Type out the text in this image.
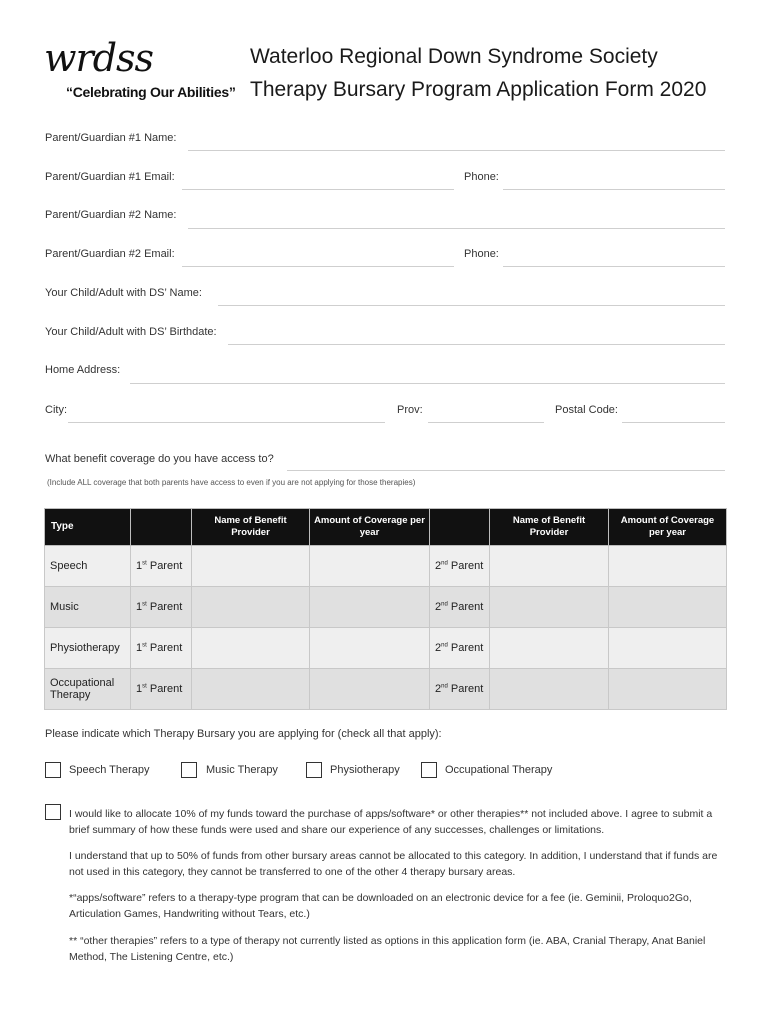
wrdss
“Celebrating Our Abilities”
Waterloo Regional Down Syndrome Society
Therapy Bursary Program Application Form 2020
Parent/Guardian #1 Name:
Parent/Guardian #1 Email:	Phone:
Parent/Guardian #2 Name:
Parent/Guardian #2 Email:	Phone:
Your Child/Adult with DS’ Name:
Your Child/Adult with DS’ Birthdate:
Home Address:
City:	Prov:	Postal Code:
What benefit coverage do you have access to?
(Include ALL coverage that both parents have access to even if you are not applying for those therapies)
Type		Name of Benefit Provider	Amount of Coverage per year		Name of Benefit Provider	Amount of Coverage per year
Speech	1st Parent			2nd Parent		
Music	1st Parent			2nd Parent		
Physiotherapy	1st Parent			2nd Parent		
Occupational Therapy	1st Parent			2nd Parent		
Please indicate which Therapy Bursary you are applying for (check all that apply):
Speech Therapy	Music Therapy	Physiotherapy	Occupational Therapy
I would like to allocate 10% of my funds toward the purchase of apps/software* or other therapies** not included above. I agree to submit a brief summary of how these funds were used and share our experience of any successes, challenges or limitations.
I understand that up to 50% of funds from other bursary areas cannot be allocated to this category. In addition, I understand that if funds are not used in this category, they cannot be transferred to one of the other 4 therapy bursary areas.
*“apps/software” refers to a therapy-type program that can be downloaded on an electronic device for a fee (ie. Geminii, Proloquo2Go, Articulation Games, Handwriting without Tears, etc.)
** “other therapies” refers to a type of therapy not currently listed as options in this application form (ie. ABA, Cranial Therapy, Anat Baniel Method, The Listening Centre, etc.)
